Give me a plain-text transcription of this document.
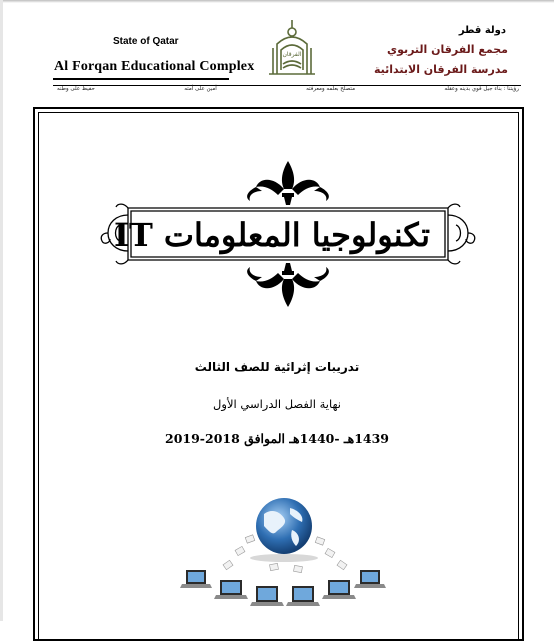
State of Qatar
Al Forqan Educational Complex
دولة قطر
مجمع الفرقان التربوي
مدرسة الفرقان الابتدائية
الفرقان
رؤيتنا : بناء جيل قوي بدينه وعقله
متصلح بعلمه ومعرفته
أمين على أمته
حفيظ على وطنه
تكنولوجيا المعلومات IT
تدريبات إثرائية للصف الثالث
نهاية الفصل الدراسي الأول
1439هـ -1440هـ الموافق 2018-2019
